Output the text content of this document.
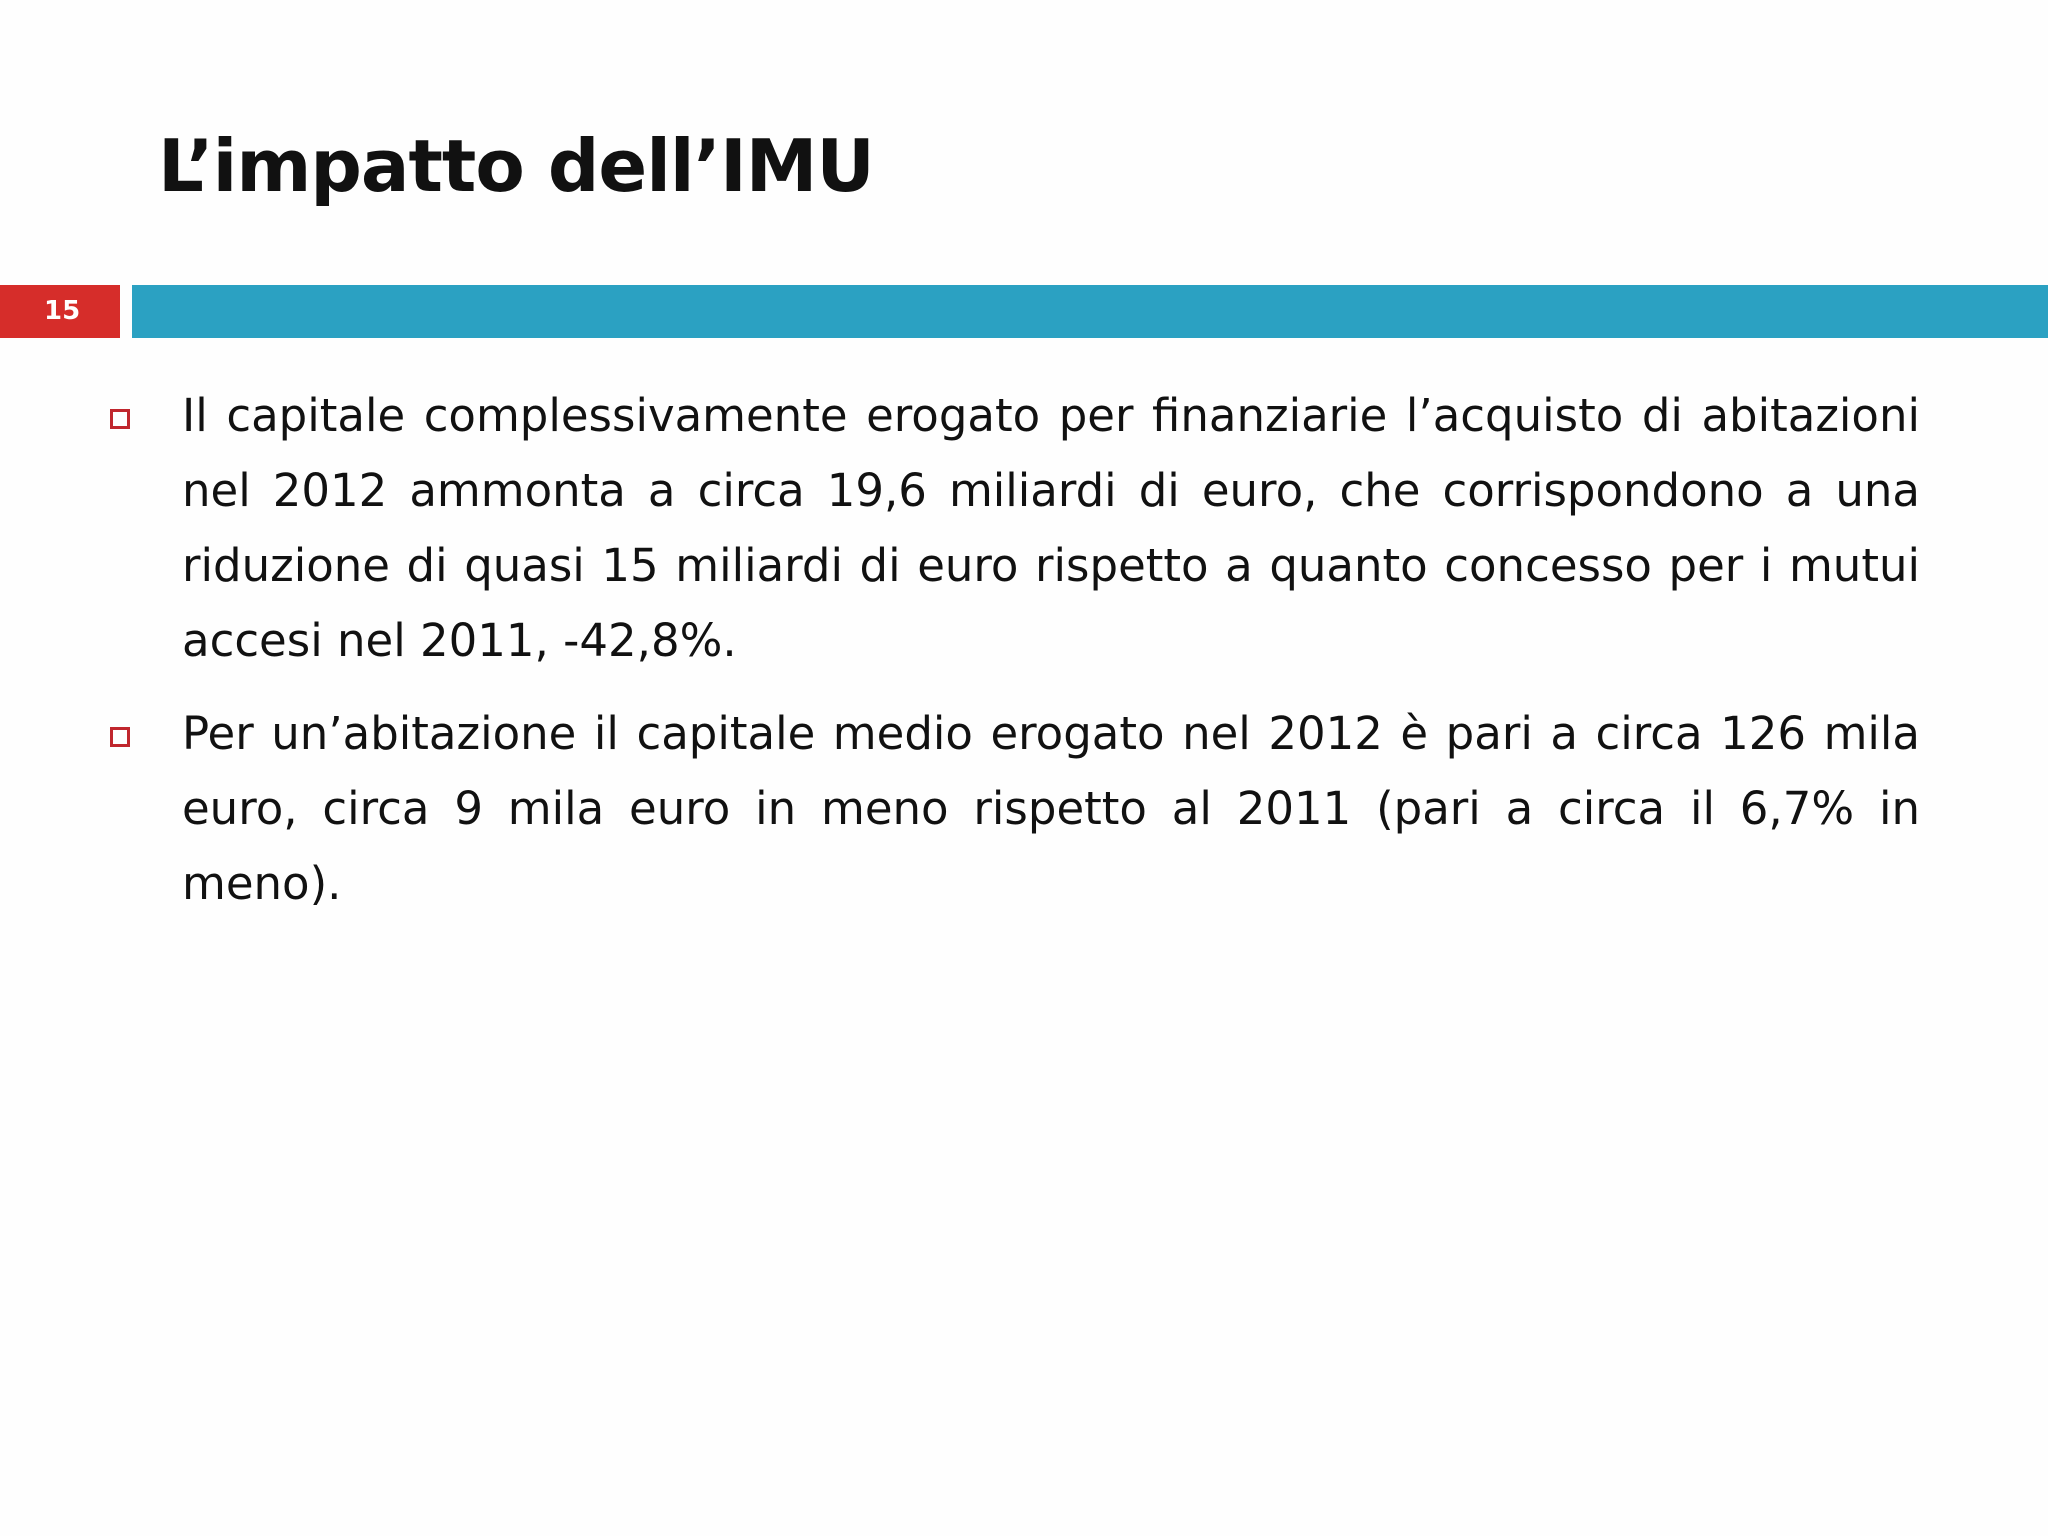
L’impatto dell’IMU
15
Il capitale complessivamente erogato per finanziarie l’acquisto di abitazioni nel 2012 ammonta a circa 19,6 miliardi di euro, che corrispondono a una riduzione di quasi 15 miliardi di euro rispetto a quanto concesso per i mutui accesi nel 2011, -42,8%.
Per un’abitazione il capitale medio erogato nel 2012 è pari a circa 126 mila euro, circa 9 mila euro in meno rispetto al 2011 (pari a circa il 6,7% in meno).
